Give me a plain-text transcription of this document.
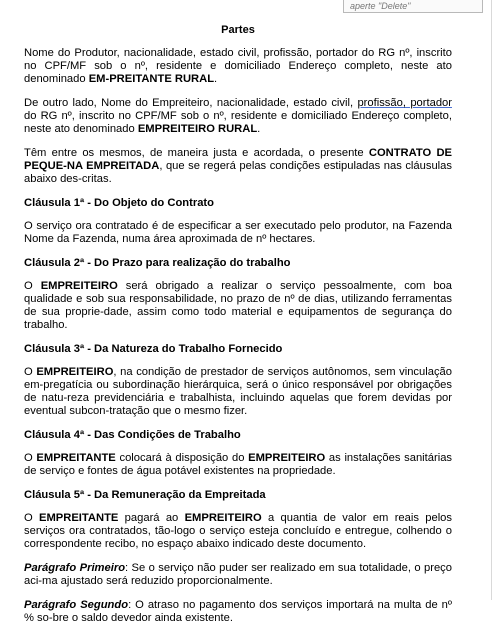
aperte "Delete"
Partes

Nome do Produtor, nacionalidade, estado civil, profissão, portador do RG nº, inscrito no CPF/MF sob o nº, residente e domiciliado Endereço completo, neste ato denominado EM-PREITANTE RURAL.

De outro lado, Nome do Empreiteiro, nacionalidade, estado civil, profissão, portador do RG nº, inscrito no CPF/MF sob o nº, residente e domiciliado Endereço completo, neste ato denominado EMPREITEIRO RURAL.

Têm entre os mesmos, de maneira justa e acordada, o presente CONTRATO DE PEQUE-NA EMPREITADA, que se regerá pelas condições estipuladas nas cláusulas abaixo des-critas.

Cláusula 1ª - Do Objeto do Contrato

O serviço ora contratado é de especificar a ser executado pelo produtor, na Fazenda Nome da Fazenda, numa área aproximada de nº hectares.

Cláusula 2ª - Do Prazo para realização do trabalho

O EMPREITEIRO será obrigado a realizar o serviço pessoalmente, com boa qualidade e sob sua responsabilidade, no prazo de nº de dias, utilizando ferramentas de sua proprie-dade, assim como todo material e equipamentos de segurança do trabalho.

Cláusula 3ª - Da Natureza do Trabalho Fornecido

O EMPREITEIRO, na condição de prestador de serviços autônomos, sem vinculação em-pregatícia ou subordinação hierárquica, será o único responsável por obrigações de natu-reza previdenciária e trabalhista, incluindo aquelas que forem devidas por eventual subcon-tratação que o mesmo fizer.

Cláusula 4ª - Das Condições de Trabalho

O EMPREITANTE colocará à disposição do EMPREITEIRO as instalações sanitárias de serviço e fontes de água potável existentes na propriedade.

Cláusula 5ª - Da Remuneração da Empreitada

O EMPREITANTE pagará ao EMPREITEIRO a quantia de valor em reais pelos serviços ora contratados, tão-logo o serviço esteja concluído e entregue, colhendo o correspondente recibo, no espaço abaixo indicado deste documento.

Parágrafo Primeiro: Se o serviço não puder ser realizado em sua totalidade, o preço aci-ma ajustado será reduzido proporcionalmente.

Parágrafo Segundo: O atraso no pagamento dos serviços importará na multa de nº % so-bre o saldo devedor ainda existente.
